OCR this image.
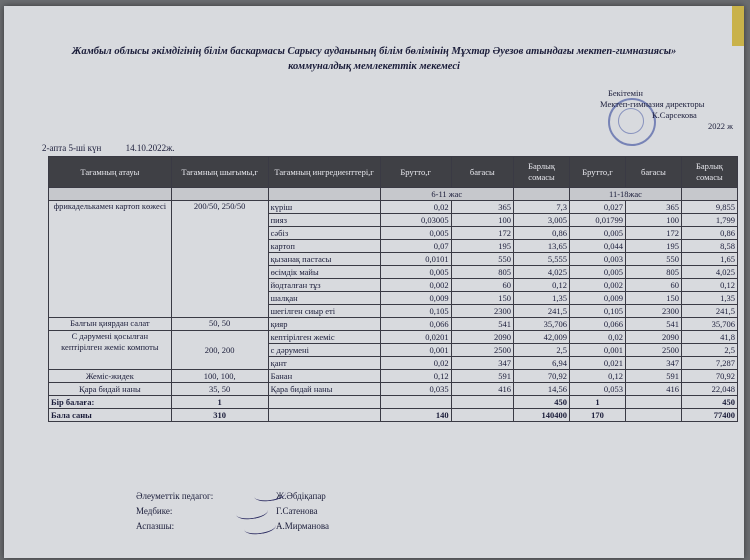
Жамбыл облысы әкімдігінің білім баскармасы Сарысу ауданының білім бөлімінің Мұхтар Әуезов атындағы мектеп-гимназиясы»
коммуналдық мемлекеттік мекемесі
Бекітемін
Мектеп-гимназия директоры
К.Сарсекова
2022 ж
2-апта 5-ші күн	14.10.2022ж.
Тағамның атауы	Тағамның шығымы,г	Тағамның ингредиенттері,г	Брутто,г	бағасы	Барлық сомасы	Брутто,г	бағасы	Барлық сомасы
			6-11 жас			11-18жас		
фрикаделькамен картоп көжесі	200/50, 250/50	күріш	0,02	365	7,3	0,027	365	9,855
		пияз	0,03005	100	3,005	0,01799	100	1,799
		сәбіз	0,005	172	0,86	0,005	172	0,86
		картоп	0,07	195	13,65	0,044	195	8,58
		қызанақ пастасы	0,0101	550	5,555	0,003	550	1,65
		өсімдік майы	0,005	805	4,025	0,005	805	4,025
		йодталған тұз	0,002	60	0,12	0,002	60	0,12
		шалқан	0,009	150	1,35	0,009	150	1,35
		шегілген сиыр еті	0,105	2300	241,5	0,105	2300	241,5
Балғын қиярдан салат	50, 50	қияр	0,066	541	35,706	0,066	541	35,706
С дәрумені қосылған кептірілген жеміс компоты	200, 200	кептірілген жеміс	0,0201	2090	42,009	0,02	2090	41,8
		с дәрумені	0,001	2500	2,5	0,001	2500	2,5
		қант	0,02	347	6,94	0,021	347	7,287
Жеміс-жидек	100, 100,	Банан	0,12	591	70,92	0,12	591	70,92
Қара бидай наны	35, 50	Қара бидай наны	0,035	416	14,56	0,053	416	22,048
Бір балаға:	1				450	1		450
Бала саны	310		140		140400	170		77400
Әлеуметтік педагог:	Ж.Әбдіқапар
Медбике:	Г.Сатенова
Аспазшы:	А.Мирманова
